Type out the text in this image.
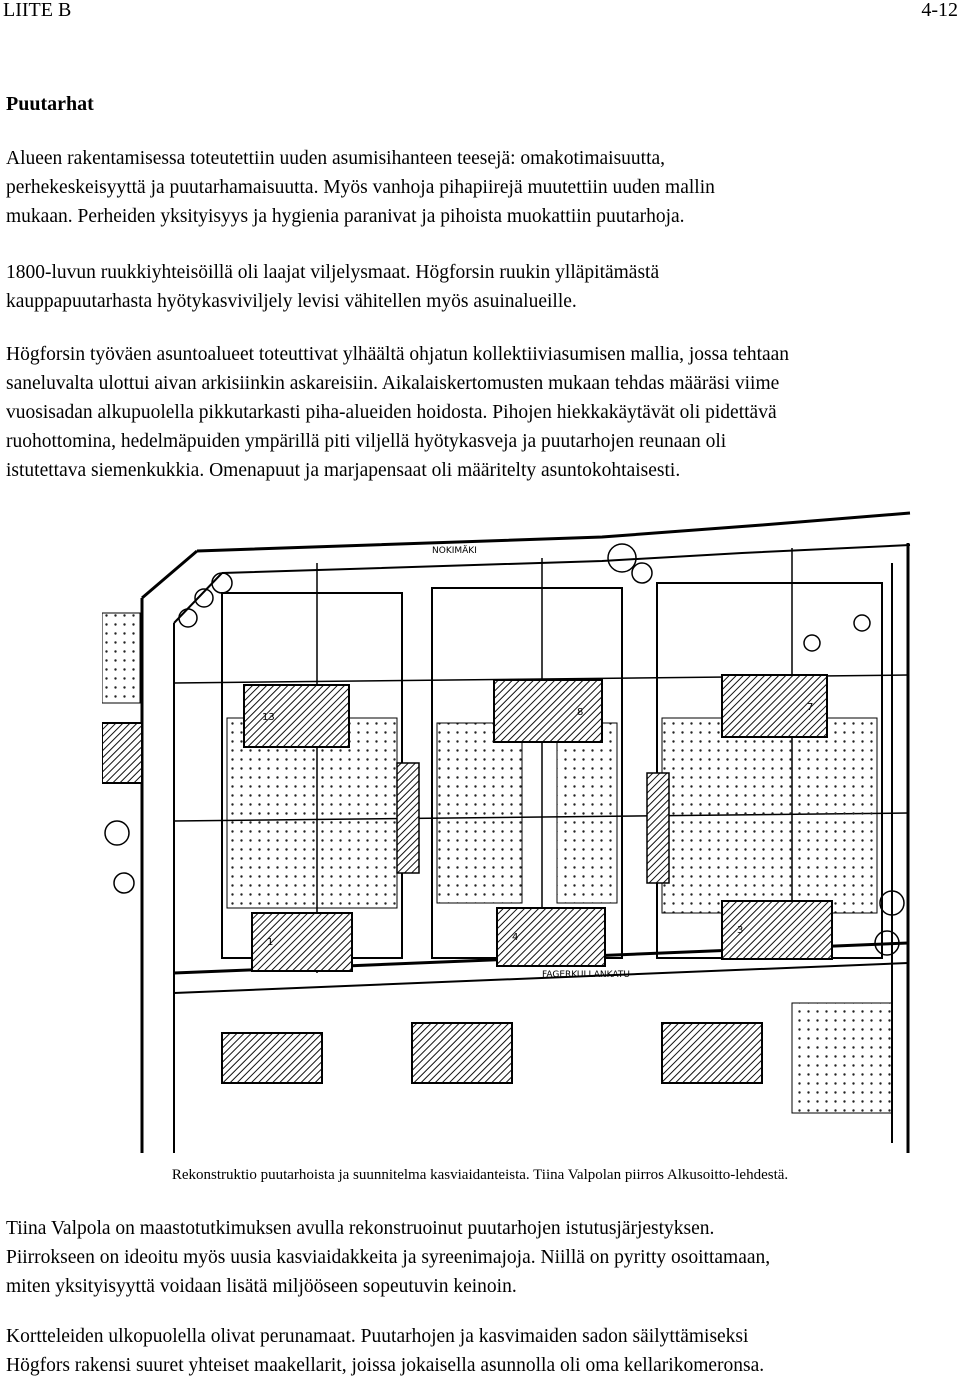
LIITE B	4-12
Puutarhat

Alueen rakentamisessa toteutettiin uuden asumisihanteen teesejä: omakotimaisuutta,
perhekeskeisyyttä ja puutarhamaisuutta. Myös vanhoja pihapiirejä muutettiin uuden mallin
mukaan. Perheiden yksityisyys ja hygienia paranivat ja pihoista muokattiin puutarhoja.

1800-luvun ruukkiyhteisöillä oli laajat viljelysmaat. Högforsin ruukin ylläpitämästä
kauppapuutarhasta hyötykasviviljely levisi vähitellen myös asuinalueille.

Högforsin työväen asuntoalueet toteuttivat ylhäältä ohjatun kollektiiviasumisen mallia, jossa tehtaan
saneluvalta ulottui aivan arkisiinkin askareisiin. Aikalaiskertomusten mukaan tehdas määräsi viime
vuosisadan alkupuolella pikkutarkasti piha-alueiden hoidosta. Pihojen hiekkakäytävät oli pidettävä
ruohottomina, hedelmäpuiden ympärillä piti viljellä hyötykasveja ja puutarhojen reunaan oli
istutettava siemenkukkia. Omenapuut ja marjapensaat oli määritelty asuntokohtaisesti.

NOKIMÄKI
FAGERKULLANKATU
13	8	7
1	4
3
Rekonstruktio puutarhoista ja suunnitelma kasviaidanteista. Tiina Valpolan piirros Alkusoitto-lehdestä.

Tiina Valpola on maastotutkimuksen avulla rekonstruoinut puutarhojen istutusjärjestyksen.
Piirrokseen on ideoitu myös uusia kasviaidakkeita ja syreenimajoja. Niillä on pyritty osoittamaan,
miten yksityisyyttä voidaan lisätä miljööseen sopeutuvin keinoin.

Kortteleiden ulkopuolella olivat perunamaat. Puutarhojen ja kasvimaiden sadon säilyttämiseksi
Högfors rakensi suuret yhteiset maakellarit, joissa jokaisella asunnolla oli oma kellarikomeronsa.
